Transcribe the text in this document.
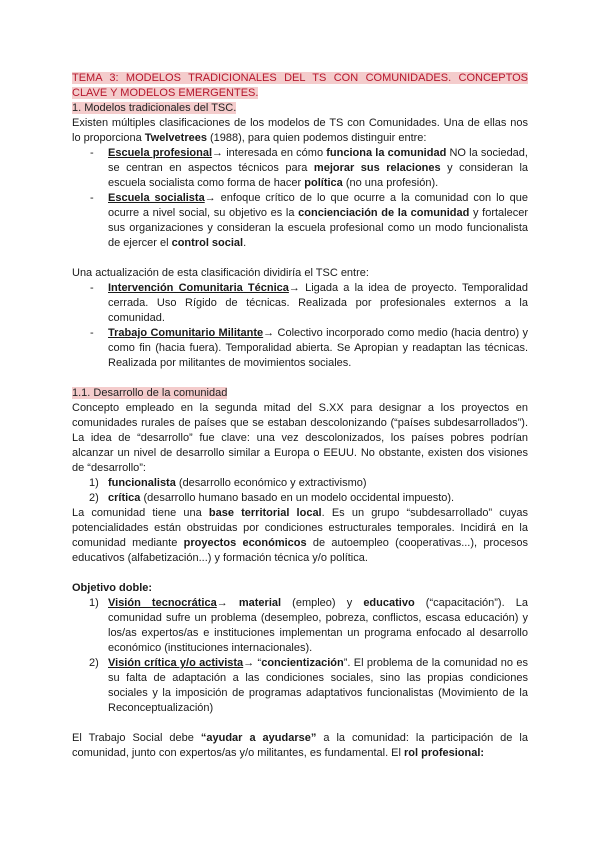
TEMA 3: MODELOS TRADICIONALES DEL TS CON COMUNIDADES. CONCEPTOS CLAVE Y MODELOS EMERGENTES.
1. Modelos tradicionales del TSC.

Existen múltiples clasificaciones de los modelos de TS con Comunidades. Una de ellas nos lo proporciona Twelvetrees (1988), para quien podemos distinguir entre:

- Escuela profesional→ interesada en cómo funciona la comunidad NO la sociedad, se centran en aspectos técnicos para mejorar sus relaciones y consideran la escuela socialista como forma de hacer política (no una profesión).
- Escuela socialista→ enfoque crítico de lo que ocurre a la comunidad con lo que ocurre a nivel social, su objetivo es la concienciación de la comunidad y fortalecer sus organizaciones y consideran la escuela profesional como un modo funcionalista de ejercer el control social.

Una actualización de esta clasificación dividiría el TSC entre:

- Intervención Comunitaria Técnica→ Ligada a la idea de proyecto. Temporalidad cerrada. Uso Rígido de técnicas. Realizada por profesionales externos a la comunidad.
- Trabajo Comunitario Militante→ Colectivo incorporado como medio (hacia dentro) y como fin (hacia fuera). Temporalidad abierta. Se Apropian y readaptan las técnicas. Realizada por militantes de movimientos sociales.
1.1. Desarrollo de la comunidad

Concepto empleado en la segunda mitad del S.XX para designar a los proyectos en comunidades rurales de países que se estaban descolonizando (“países subdesarrollados”). La idea de “desarrollo” fue clave: una vez descolonizados, los países pobres podrían alcanzar un nivel de desarrollo similar a Europa o EEUU. No obstante, existen dos visiones de “desarrollo”:

1) funcionalista (desarrollo económico y extractivismo)
2) crítica (desarrollo humano basado en un modelo occidental impuesto).

La comunidad tiene una base territorial local. Es un grupo “subdesarrollado” cuyas potencialidades están obstruidas por condiciones estructurales temporales. Incidirá en la comunidad mediante proyectos económicos de autoempleo (cooperativas...), procesos educativos (alfabetización...) y formación técnica y/o política.

Objetivo doble:

1) Visión tecnocrática→ material (empleo) y educativo (“capacitación”). La comunidad sufre un problema (desempleo, pobreza, conflictos, escasa educación) y los/as expertos/as e instituciones implementan un programa enfocado al desarrollo económico (instituciones internacionales).
2) Visión crítica y/o activista→ “concientización”. El problema de la comunidad no es su falta de adaptación a las condiciones sociales, sino las propias condiciones sociales y la imposición de programas adaptativos funcionalistas (Movimiento de la Reconceptualización)

El Trabajo Social debe “ayudar a ayudarse” a la comunidad: la participación de la comunidad, junto con expertos/as y/o militantes, es fundamental. El rol profesional:
